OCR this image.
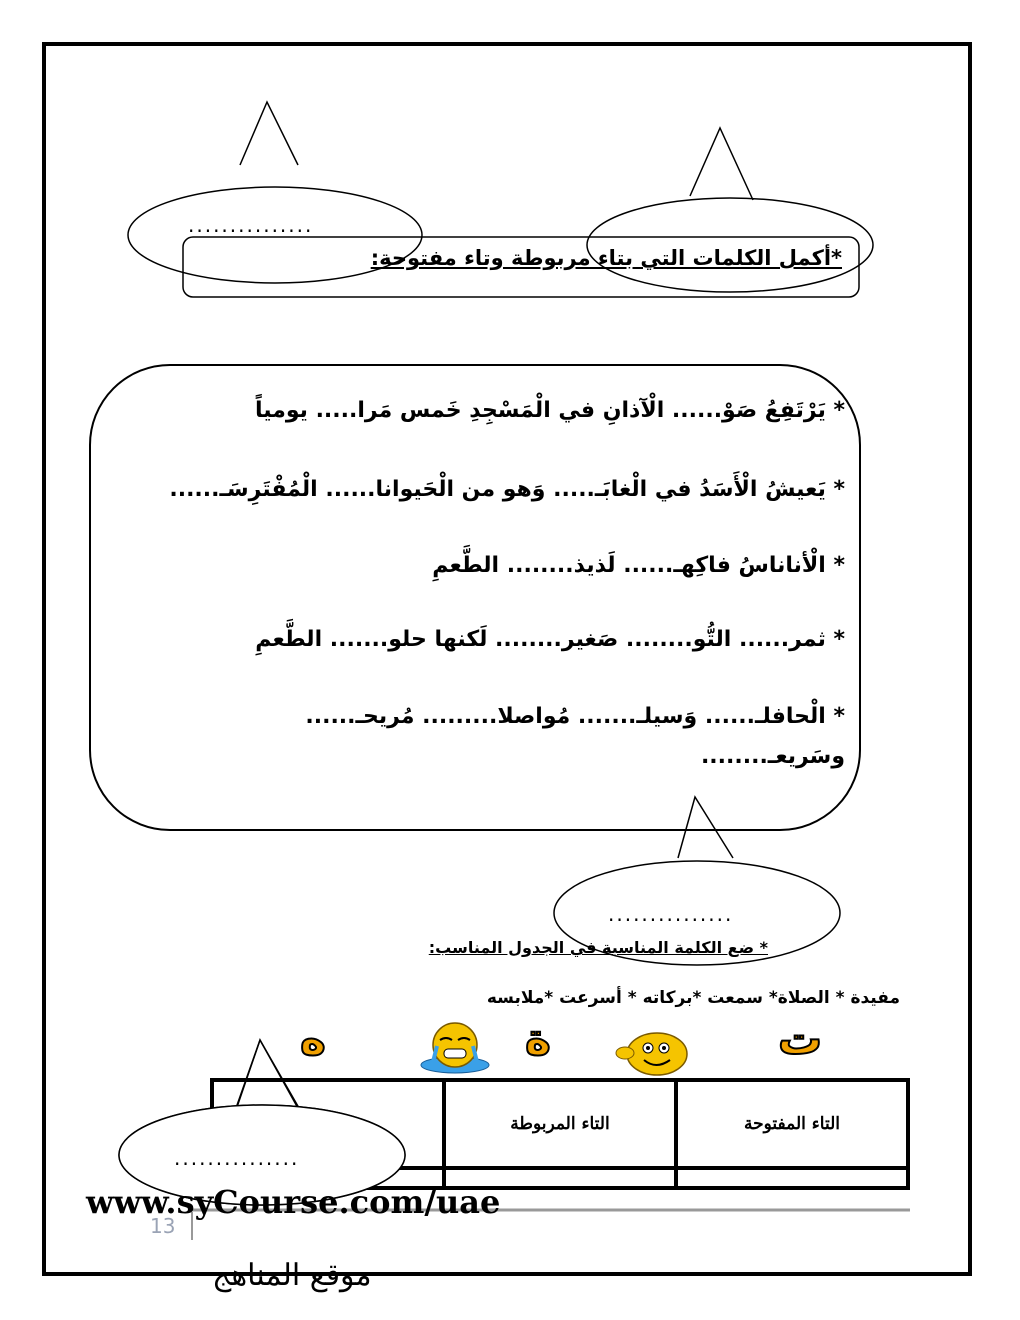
...............
...............
*أكمل الكلمات التي بتاء مربوطة وتاء مفتوحة:
* يَرْتَفِعُ صَوْ...... الْآذانِ في الْمَسْجِدِ خَمس مَرا..... يومياً
* يَعيشُ الْأَسَدُ في الْغابَـ..... وَهو من الْحَيوانا...... الْمُفْتَرِسَـ......
* الْأناناسُ فاكِهـ...... لَذيذ........ الطَّعمِ
* ثمر...... التُّو........ صَغير........ لَكنها حلو....... الطَّعمِ
* الْحافلـ...... وَسيلـ....... مُواصلا......... مُريحـ......
وسَريعـ........
* ضع الكلمة المناسبة في الجدول المناسب:
مفيدة * الصلاة* سمعت *بركاته * أسرعت *ملابسه
ت
ة
ه
التاء المفتوحة	التاء المربوطة	

...............
www.syCourse.com/uae
13
موقع المناهج
